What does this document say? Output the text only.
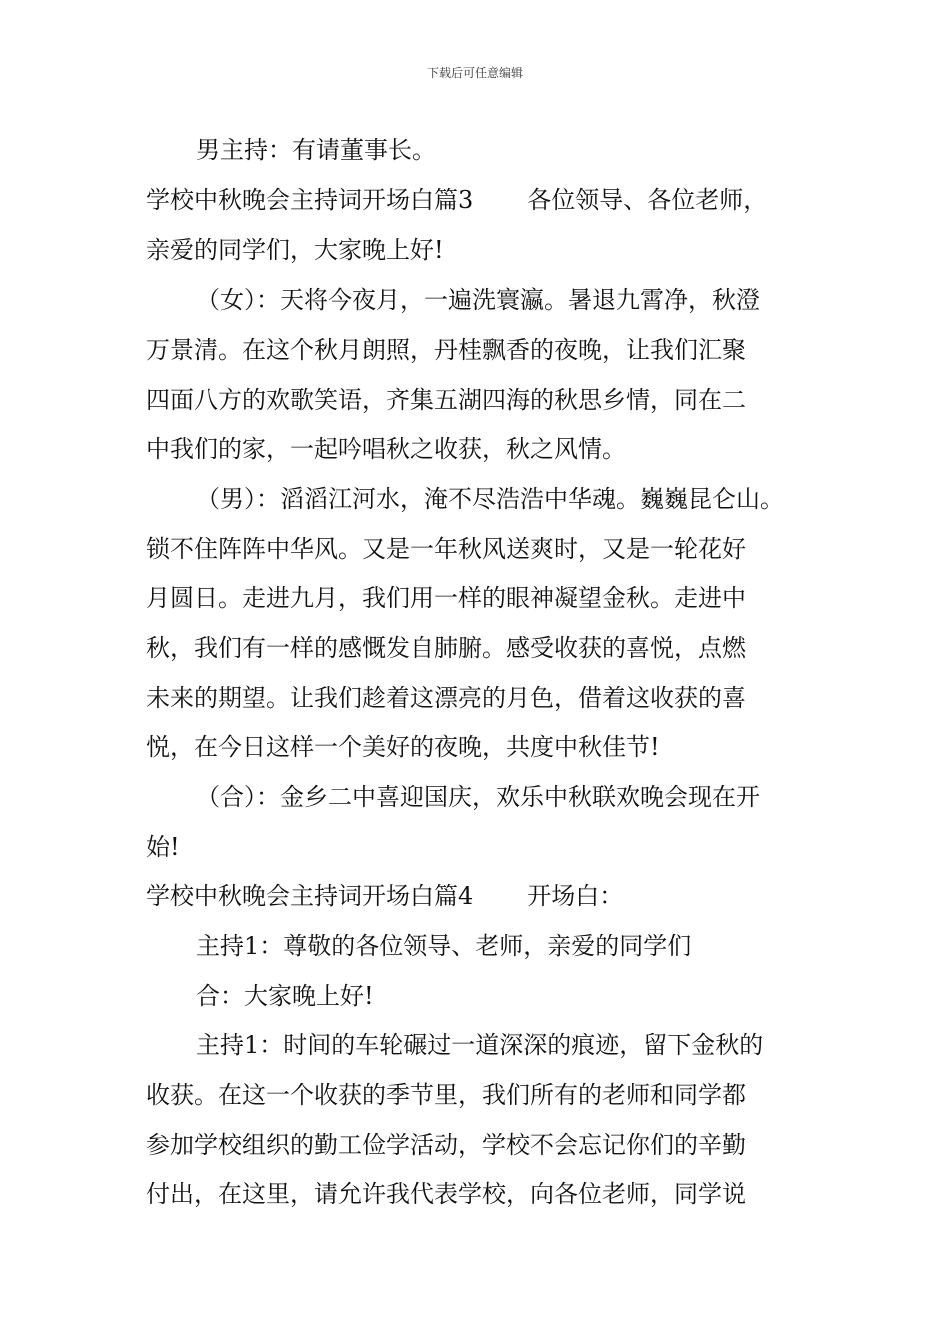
下载后可任意编辑
男主持：有请董事长。
学校中秋晚会主持词开场白篇3 各位领导、各位老师，
亲爱的同学们，大家晚上好!
（女）：天将今夜月，一遍洗寰瀛。暑退九霄净，秋澄
万景清。在这个秋月朗照，丹桂飘香的夜晚，让我们汇聚
四面八方的欢歌笑语，齐集五湖四海的秋思乡情，同在二
中我们的家，一起吟唱秋之收获，秋之风情。
（男）：滔滔江河水，淹不尽浩浩中华魂。巍巍昆仑山。
锁不住阵阵中华风。又是一年秋风送爽时，又是一轮花好
月圆日。走进九月，我们用一样的眼神凝望金秋。走进中
秋，我们有一样的感慨发自肺腑。感受收获的喜悦，点燃
未来的期望。让我们趁着这漂亮的月色，借着这收获的喜
悦，在今日这样一个美好的夜晚，共度中秋佳节!
（合）：金乡二中喜迎国庆，欢乐中秋联欢晚会现在开
始!
学校中秋晚会主持词开场白篇4 开场白：
主持1：尊敬的各位领导、老师，亲爱的同学们
合：大家晚上好!
主持1：时间的车轮碾过一道深深的痕迹，留下金秋的
收获。在这一个收获的季节里，我们所有的老师和同学都
参加学校组织的勤工俭学活动，学校不会忘记你们的辛勤
付出，在这里，请允许我代表学校，向各位老师，同学说
